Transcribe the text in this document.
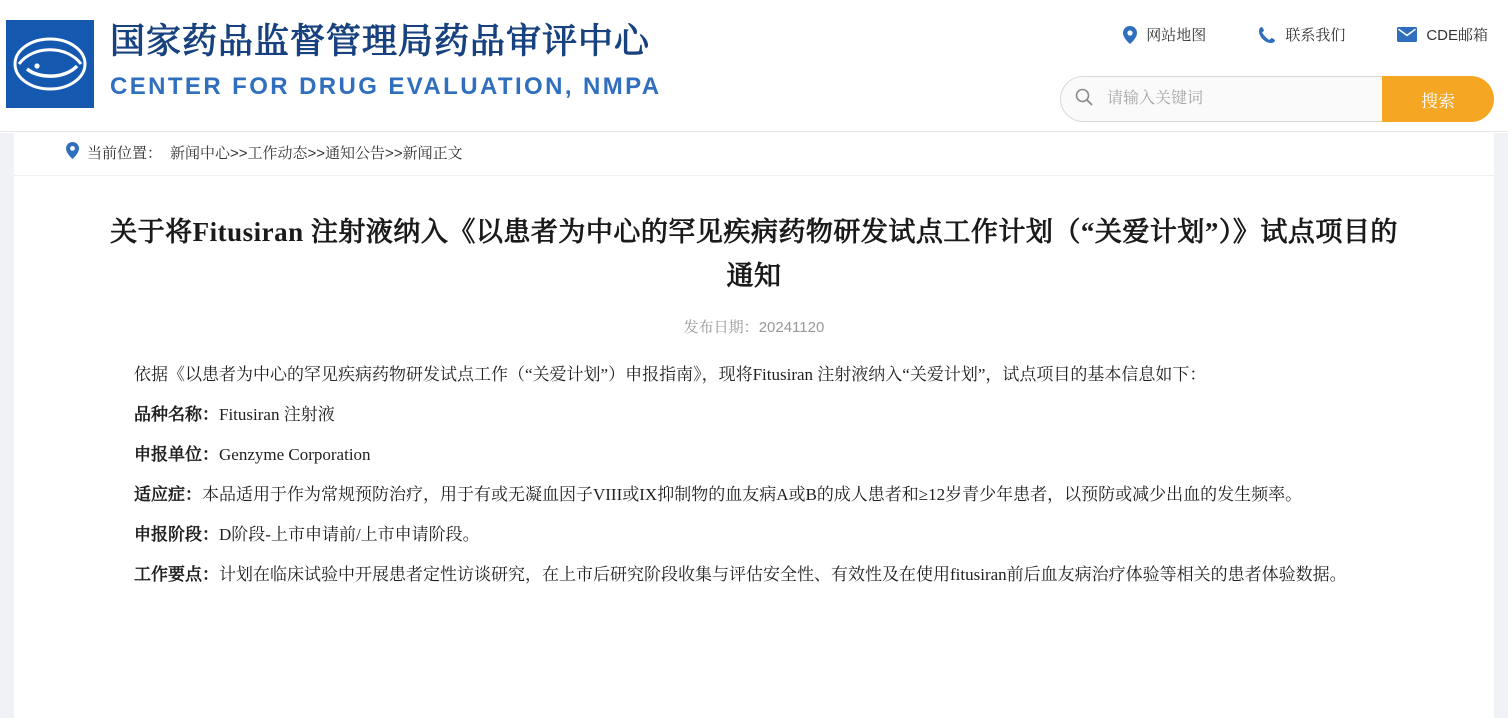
国家药品监督管理局药品审评中心
CENTER FOR DRUG EVALUATION, NMPA
网站地图	联系我们	CDE邮箱
请输入关键词
搜索
当前位置： 新闻中心>>工作动态>>通知公告>>新闻正文
关于将Fitusiran 注射液纳入《以患者为中心的罕见疾病药物研发试点工作计划（“关爱计划”）》试点项目的通知
发布日期：20241120

依据《以患者为中心的罕见疾病药物研发试点工作（“关爱计划”）申报指南》，现将Fitusiran 注射液纳入“关爱计划”，试点项目的基本信息如下：

品种名称：Fitusiran 注射液

申报单位：Genzyme Corporation

适应症：本品适用于作为常规预防治疗，用于有或无凝血因子VIII或IX抑制物的血友病A或B的成人患者和≥12岁青少年患者，以预防或减少出血的发生频率。

申报阶段：D阶段-上市申请前/上市申请阶段。

工作要点：计划在临床试验中开展患者定性访谈研究，在上市后研究阶段收集与评估安全性、有效性及在使用fitusiran前后血友病治疗体验等相关的患者体验数据。
